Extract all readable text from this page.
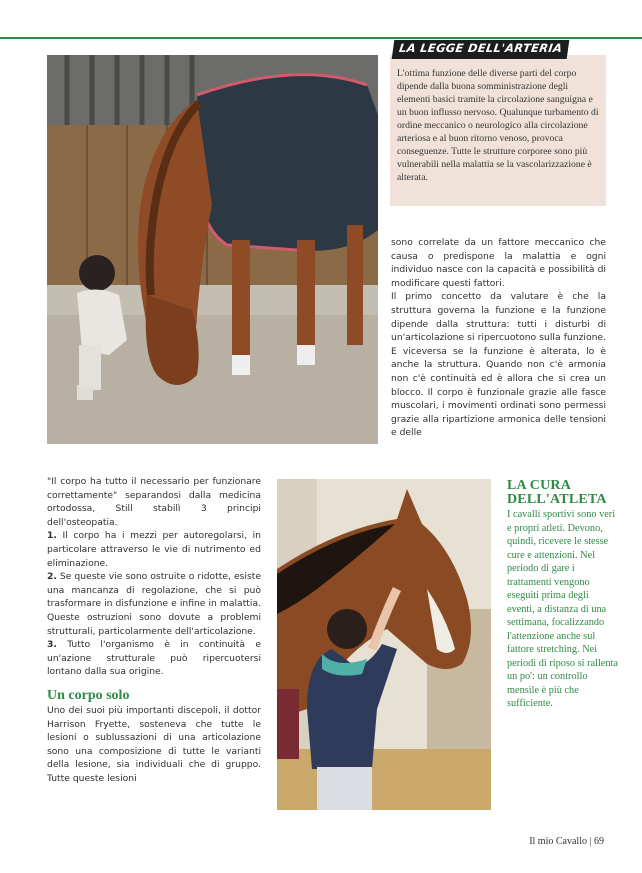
LA LEGGE DELL'ARTERIA
L'ottima funzione delle diverse parti del corpo dipende dalla buona somministrazione degli elementi basici tramite la circolazione sanguigna e un buon influsso nervoso. Qualunque turbamento di ordine meccanico o neurologico alla circolazione arteriosa e al buon ritorno venoso, provoca conseguenze. Tutte le strutture corporee sono più vulnerabili nella malattia se la vascolarizzazione è alterata.

sono correlate da un fattore meccanico che causa o predispone la malattia e ogni individuo nasce con la capacità e possibilità di modificare questi fattori.

Il primo concetto da valutare è che la struttura governa la funzione e la funzione dipende dalla struttura: tutti i disturbi di un'articolazione si ripercuotono sulla funzione. E viceversa se la funzione è alterata, lo è anche la struttura. Quando non c'è armonia non c'è continuità ed è allora che si crea un blocco. Il corpo è funzionale grazie alle fasce muscolari, i movimenti ordinati sono permessi grazie alla ripartizione armonica delle tensioni e delle

"Il corpo ha tutto il necessario per funzionare correttamente" separandosi dalla medicina ortodossa, Still stabilì 3 principi dell'osteopatia.

1. Il corpo ha i mezzi per autoregolarsi, in particolare attraverso le vie di nutrimento ed eliminazione.

2. Se queste vie sono ostruite o ridotte, esiste una mancanza di regolazione, che si può trasformare in disfunzione e infine in malattia. Queste ostruzioni sono dovute a problemi strutturali, particolarmente dell'articolazione.

3. Tutto l'organismo è in continuità e un'azione strutturale può ripercuotersi lontano dalla sua origine.

Un corpo solo

Uno dei suoi più importanti discepoli, il dottor Harrison Fryette, sosteneva che tutte le lesioni o sublussazioni di una articolazione sono una composizione di tutte le varianti della lesione, sia individuali che di gruppo. Tutte queste lesioni

LA CURA DELL'ATLETA
I cavalli sportivi sono veri e propri atleti. Devono, quindi, ricevere le stesse cure e attenzioni. Nel periodo di gare i trattamenti vengono eseguiti prima degli eventi, a distanza di una settimana, focalizzando l'attenzione anche sul fattore stretching. Nei periodi di riposo si rallenta un po': un controllo mensile è più che sufficiente.
Il mio Cavallo | 69
